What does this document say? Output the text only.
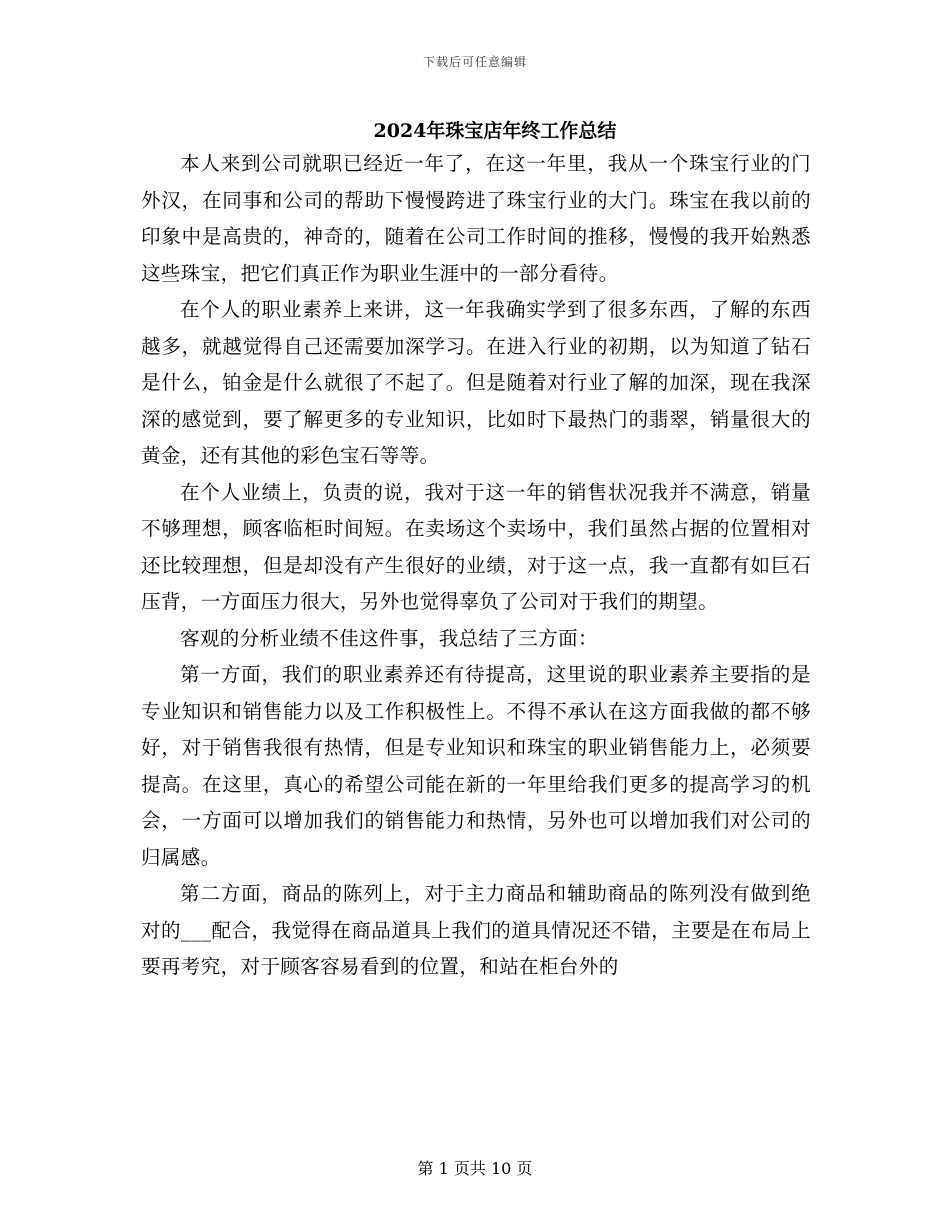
下载后可任意编辑
2024年珠宝店年终工作总结

本人来到公司就职已经近一年了，在这一年里，我从一个珠宝行业的门外汉，在同事和公司的帮助下慢慢跨进了珠宝行业的大门。珠宝在我以前的印象中是高贵的，神奇的，随着在公司工作时间的推移，慢慢的我开始熟悉这些珠宝，把它们真正作为职业生涯中的一部分看待。

在个人的职业素养上来讲，这一年我确实学到了很多东西，了解的东西越多，就越觉得自己还需要加深学习。在进入行业的初期，以为知道了钻石是什么，铂金是什么就很了不起了。但是随着对行业了解的加深，现在我深深的感觉到，要了解更多的专业知识，比如时下最热门的翡翠，销量很大的黄金，还有其他的彩色宝石等等。

在个人业绩上，负责的说，我对于这一年的销售状况我并不满意，销量不够理想，顾客临柜时间短。在卖场这个卖场中，我们虽然占据的位置相对还比较理想，但是却没有产生很好的业绩，对于这一点，我一直都有如巨石压背，一方面压力很大，另外也觉得辜负了公司对于我们的期望。

客观的分析业绩不佳这件事，我总结了三方面：

第一方面，我们的职业素养还有待提高，这里说的职业素养主要指的是专业知识和销售能力以及工作积极性上。不得不承认在这方面我做的都不够好，对于销售我很有热情，但是专业知识和珠宝的职业销售能力上，必须要提高。在这里，真心的希望公司能在新的一年里给我们更多的提高学习的机会，一方面可以增加我们的销售能力和热情，另外也可以增加我们对公司的归属感。

第二方面，商品的陈列上，对于主力商品和辅助商品的陈列没有做到绝对的___配合，我觉得在商品道具上我们的道具情况还不错，主要是在布局上要再考究，对于顾客容易看到的位置，和站在柜台外的

第 1 页共 10 页
